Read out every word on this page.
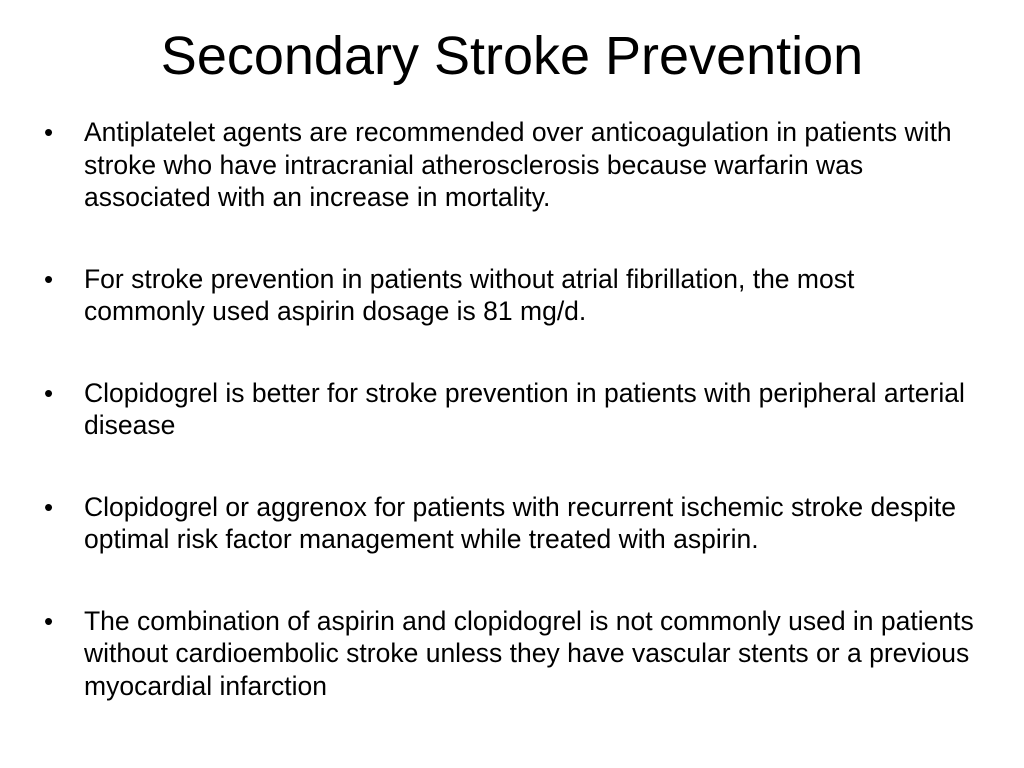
Secondary Stroke Prevention
•	Antiplatelet agents are recommended over anticoagulation in patients with stroke who have intracranial atherosclerosis because warfarin was associated with an increase in mortality.
•	For stroke prevention in patients without atrial fibrillation, the most commonly used aspirin dosage is 81 mg/d.
•	Clopidogrel is better for stroke prevention in patients with peripheral arterial disease
•	Clopidogrel or aggrenox for patients with recurrent ischemic stroke despite optimal risk factor management while treated with aspirin.
•	The combination of aspirin and clopidogrel is not commonly used in patients without cardioembolic stroke unless they have vascular stents or a previous myocardial infarction
